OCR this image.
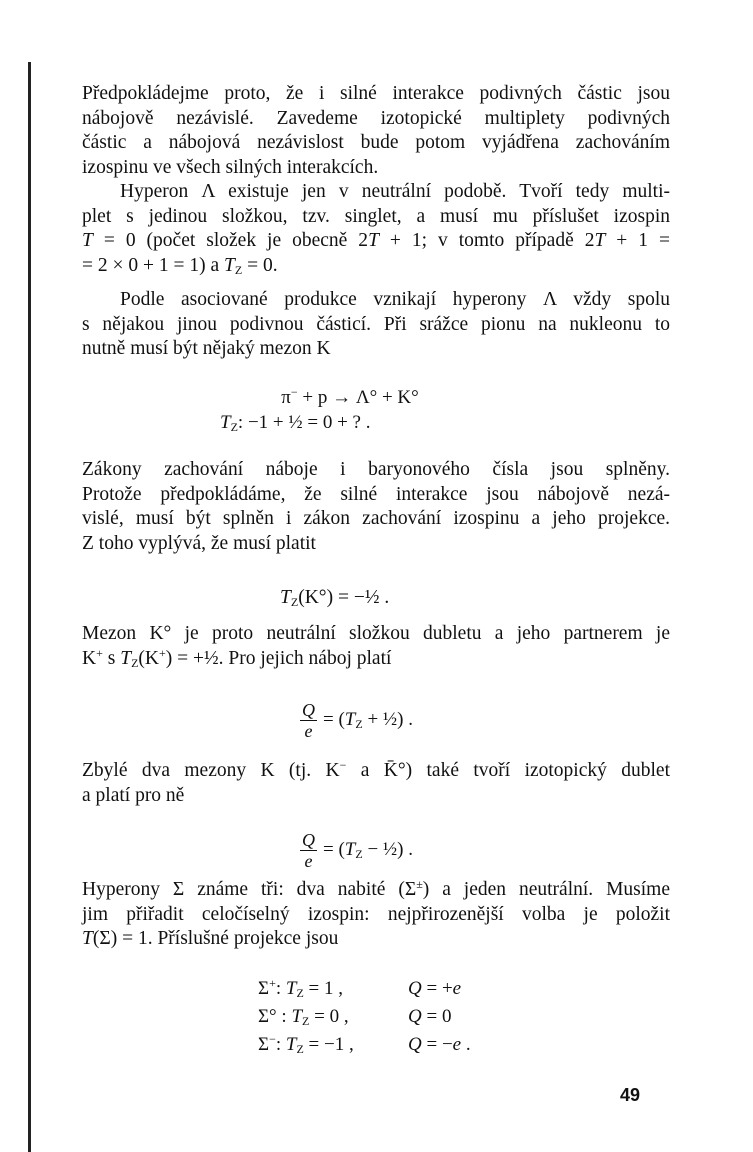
Předpokládejme proto, že i silné interakce podivných částic jsou
nábojově nezávislé. Zavedeme izotopické multiplety podivných
částic a nábojová nezávislost bude potom vyjádřena zachováním
izospinu ve všech silných interakcích.
Hyperon Λ existuje jen v neutrální podobě. Tvoří tedy multi-
plet s jedinou složkou, tzv. singlet, a musí mu příslušet izospin
T = 0 (počet složek je obecně 2T + 1; v tomto případě 2T + 1 =
= 2 × 0 + 1 = 1) a $T_Z = 0$.
Podle asociované produkce vznikají hyperony Λ vždy spolu
s nějakou jinou podivnou částicí. Při srážce pionu na nukleonu to
nutně musí být nějaký mezon K
π− + p → Λ° + K°
$T_Z$: −1 + ½ = 0 + ? .
Zákony zachování náboje i baryonového čísla jsou splněny.
Protože předpokládáme, že silné interakce jsou nábojově nezá-
vislé, musí být splněn i zákon zachování izospinu a jeho projekce.
Z toho vyplývá, že musí platit
$T_Z(K^\circ)$ = −½ .
Mezon K° je proto neutrální složkou dubletu a jeho partnerem je
K+ s $T_Z(K^+)$ = +½. Pro jejich náboj platí
$\frac{Q}{e} = (T_Z$ + ½) .
Zbylé dva mezony K (tj. K− a K̄°) také tvoří izotopický dublet
a platí pro ně
$\frac{Q}{e} = (T_Z$ − ½) .
Hyperony Σ známe tři: dva nabité (Σ±) a jeden neutrální. Musíme
jim přiřadit celočíselný izospin: nejpřirozenější volba je položit
T(Σ) = 1. Příslušné projekce jsou
Σ+: $T_Z = 1$ ,	Q = +e
Σ° : $T_Z = 0$ ,	Q = 0
Σ−: $T_Z = -1$ ,	Q = −e .
49
